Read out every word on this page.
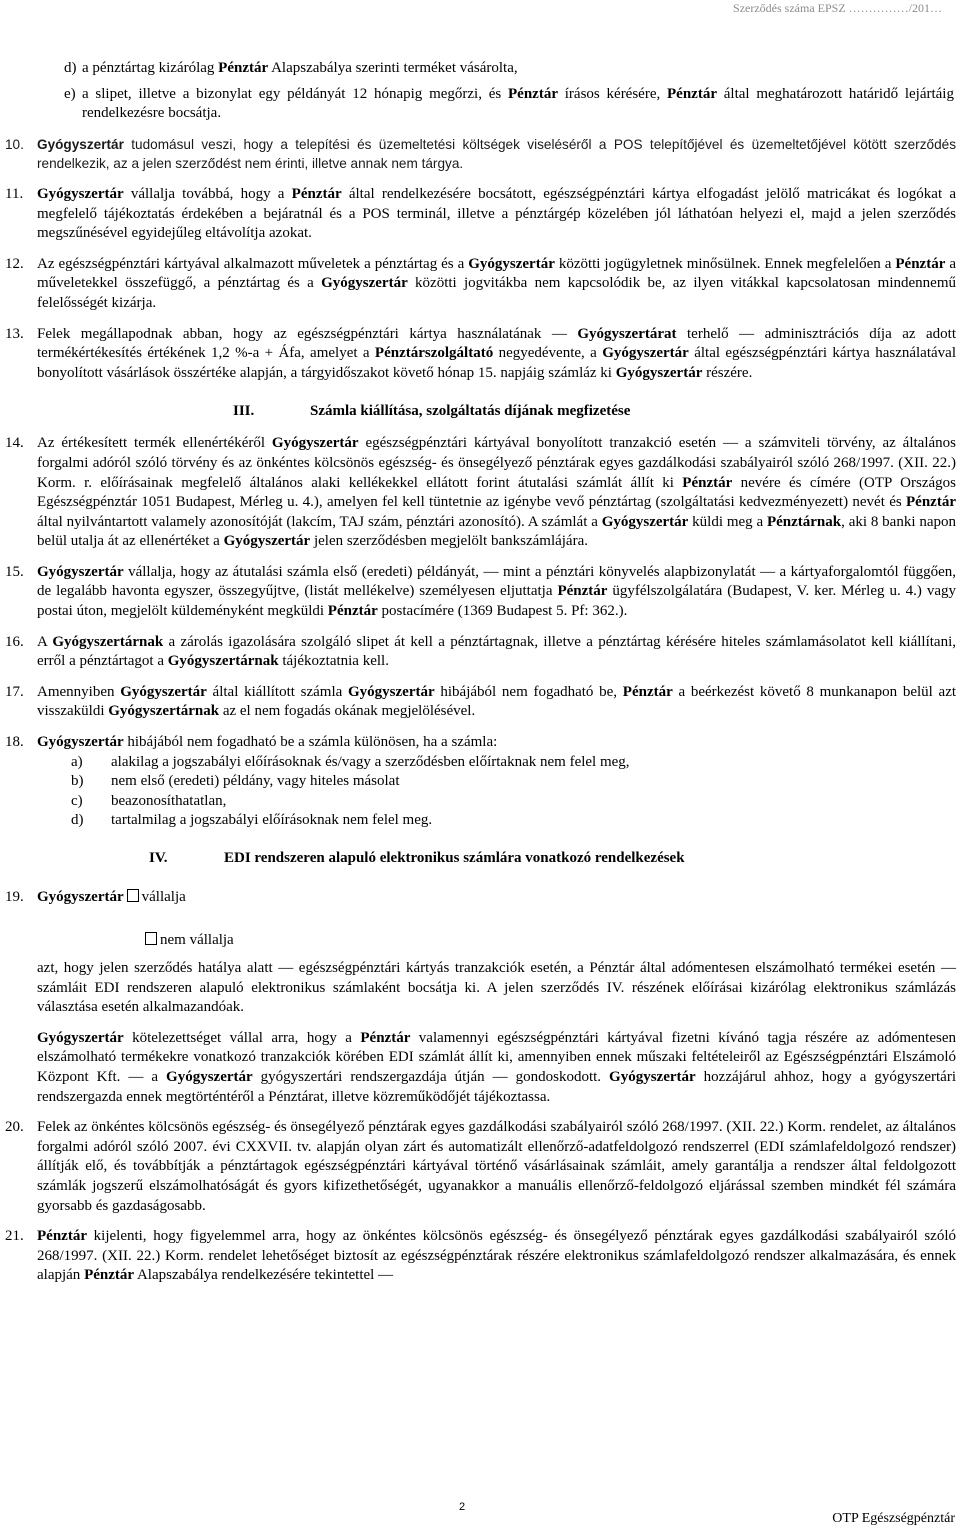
Szerződés száma EPSZ ……………/201…
d) a pénztártag kizárólag Pénztár Alapszabálya szerinti terméket vásárolta,
e) a slipet, illetve a bizonylat egy példányát 12 hónapig megőrzi, és Pénztár írásos kérésére, Pénztár által meghatározott határidő lejártáig rendelkezésre bocsátja.
10. Gyógyszertár tudomásul veszi, hogy a telepítési és üzemeltetési költségek viseléséről a POS telepítőjével és üzemeltetőjével kötött szerződés rendelkezik, az a jelen szerződést nem érinti, illetve annak nem tárgya.
11. Gyógyszertár vállalja továbbá, hogy a Pénztár által rendelkezésére bocsátott, egészségpénztári kártya elfogadást jelölő matricákat és logókat a megfelelő tájékoztatás érdekében a bejáratnál és a POS terminál, illetve a pénztárgép közelében jól láthatóan helyezi el, majd a jelen szerződés megszűnésével egyidejűleg eltávolítja azokat.
12. Az egészségpénztári kártyával alkalmazott műveletek a pénztártag és a Gyógyszertár közötti jogügyletnek minősülnek. Ennek megfelelően a Pénztár a műveletekkel összefüggő, a pénztártag és a Gyógyszertár közötti jogvitákba nem kapcsolódik be, az ilyen vitákkal kapcsolatosan mindennemű felelősségét kizárja.
13. Felek megállapodnak abban, hogy az egészségpénztári kártya használatának — Gyógyszertárat terhelő — adminisztrációs díja az adott termékértékesítés értékének 1,2 %-a + Áfa, amelyet a Pénztárszolgáltató negyedévente, a Gyógyszertár által egészségpénztári kártya használatával bonyolított vásárlások összértéke alapján, a tárgyidőszakot követő hónap 15. napjáig számláz ki Gyógyszertár részére.
III.	Számla kiállítása, szolgáltatás díjának megfizetése
14. Az értékesített termék ellenértékéről Gyógyszertár egészségpénztári kártyával bonyolított tranzakció esetén — a számviteli törvény, az általános forgalmi adóról szóló törvény és az önkéntes kölcsönös egészség- és önsegélyező pénztárak egyes gazdálkodási szabályairól szóló 268/1997. (XII. 22.) Korm. r. előírásainak megfelelő általános alaki kellékekkel ellátott forint átutalási számlát állít ki Pénztár nevére és címére (OTP Országos Egészségpénztár 1051 Budapest, Mérleg u. 4.), amelyen fel kell tüntetnie az igénybe vevő pénztártag (szolgáltatási kedvezményezett) nevét és Pénztár által nyilvántartott valamely azonosítóját (lakcím, TAJ szám, pénztári azonosító). A számlát a Gyógyszertár küldi meg a Pénztárnak, aki 8 banki napon belül utalja át az ellenértéket a Gyógyszertár jelen szerződésben megjelölt bankszámlájára.
15. Gyógyszertár vállalja, hogy az átutalási számla első (eredeti) példányát, — mint a pénztári könyvelés alapbizonylatát — a kártyaforgalomtól függően, de legalább havonta egyszer, összegyűjtve, (listát mellékelve) személyesen eljuttatja Pénztár ügyfélszolgálatára (Budapest, V. ker. Mérleg u. 4.) vagy postai úton, megjelölt küldeményként megküldi Pénztár postacímére (1369 Budapest 5. Pf: 362.).
16. A Gyógyszertárnak a zárolás igazolására szolgáló slipet át kell a pénztártagnak, illetve a pénztártag kérésére hiteles számlamásolatot kell kiállítani, erről a pénztártagot a Gyógyszertárnak tájékoztatnia kell.
17. Amennyiben Gyógyszertár által kiállított számla Gyógyszertár hibájából nem fogadható be, Pénztár a beérkezést követő 8 munkanapon belül azt visszaküldi Gyógyszertárnak az el nem fogadás okának megjelölésével.
18. Gyógyszertár hibájából nem fogadható be a számla különösen, ha a számla:
a) alakilag a jogszabályi előírásoknak és/vagy a szerződésben előírtaknak nem felel meg,
b) nem első (eredeti) példány, vagy hiteles másolat
c) beazonosíthatatlan,
d) tartalmilag a jogszabályi előírásoknak nem felel meg.
IV.	EDI rendszeren alapuló elektronikus számlára vonatkozó rendelkezések
19. Gyógyszertár vállalja
nem vállalja
azt, hogy jelen szerződés hatálya alatt — egészségpénztári kártyás tranzakciók esetén, a Pénztár által adómentesen elszámolható termékei esetén — számláit EDI rendszeren alapuló elektronikus számlaként bocsátja ki. A jelen szerződés IV. részének előírásai kizárólag elektronikus számlázás választása esetén alkalmazandóak.
Gyógyszertár kötelezettséget vállal arra, hogy a Pénztár valamennyi egészségpénztári kártyával fizetni kívánó tagja részére az adómentesen elszámolható termékekre vonatkozó tranzakciók körében EDI számlát állít ki, amennyiben ennek műszaki feltételeiről az Egészségpénztári Elszámoló Központ Kft. — a Gyógyszertár gyógyszertári rendszergazdája útján — gondoskodott. Gyógyszertár hozzájárul ahhoz, hogy a gyógyszertári rendszergazda ennek megtörténtéről a Pénztárat, illetve közreműködőjét tájékoztassa.
20. Felek az önkéntes kölcsönös egészség- és önsegélyező pénztárak egyes gazdálkodási szabályairól szóló 268/1997. (XII. 22.) Korm. rendelet, az általános forgalmi adóról szóló 2007. évi CXXVII. tv. alapján olyan zárt és automatizált ellenőrző-adatfeldolgozó rendszerrel (EDI számlafeldolgozó rendszer) állítják elő, és továbbítják a pénztártagok egészségpénztári kártyával történő vásárlásainak számláit, amely garantálja a rendszer által feldolgozott számlák jogszerű elszámolhatóságát és gyors kifizethetőségét, ugyanakkor a manuális ellenőrző-feldolgozó eljárással szemben mindkét fél számára gyorsabb és gazdaságosabb.
21. Pénztár kijelenti, hogy figyelemmel arra, hogy az önkéntes kölcsönös egészség- és önsegélyező pénztárak egyes gazdálkodási szabályairól szóló 268/1997. (XII. 22.) Korm. rendelet lehetőséget biztosít az egészségpénztárak részére elektronikus számlafeldolgozó rendszer alkalmazására, és ennek alapján Pénztár Alapszabálya rendelkezésére tekintettel —
2
OTP Egészségpénztár
